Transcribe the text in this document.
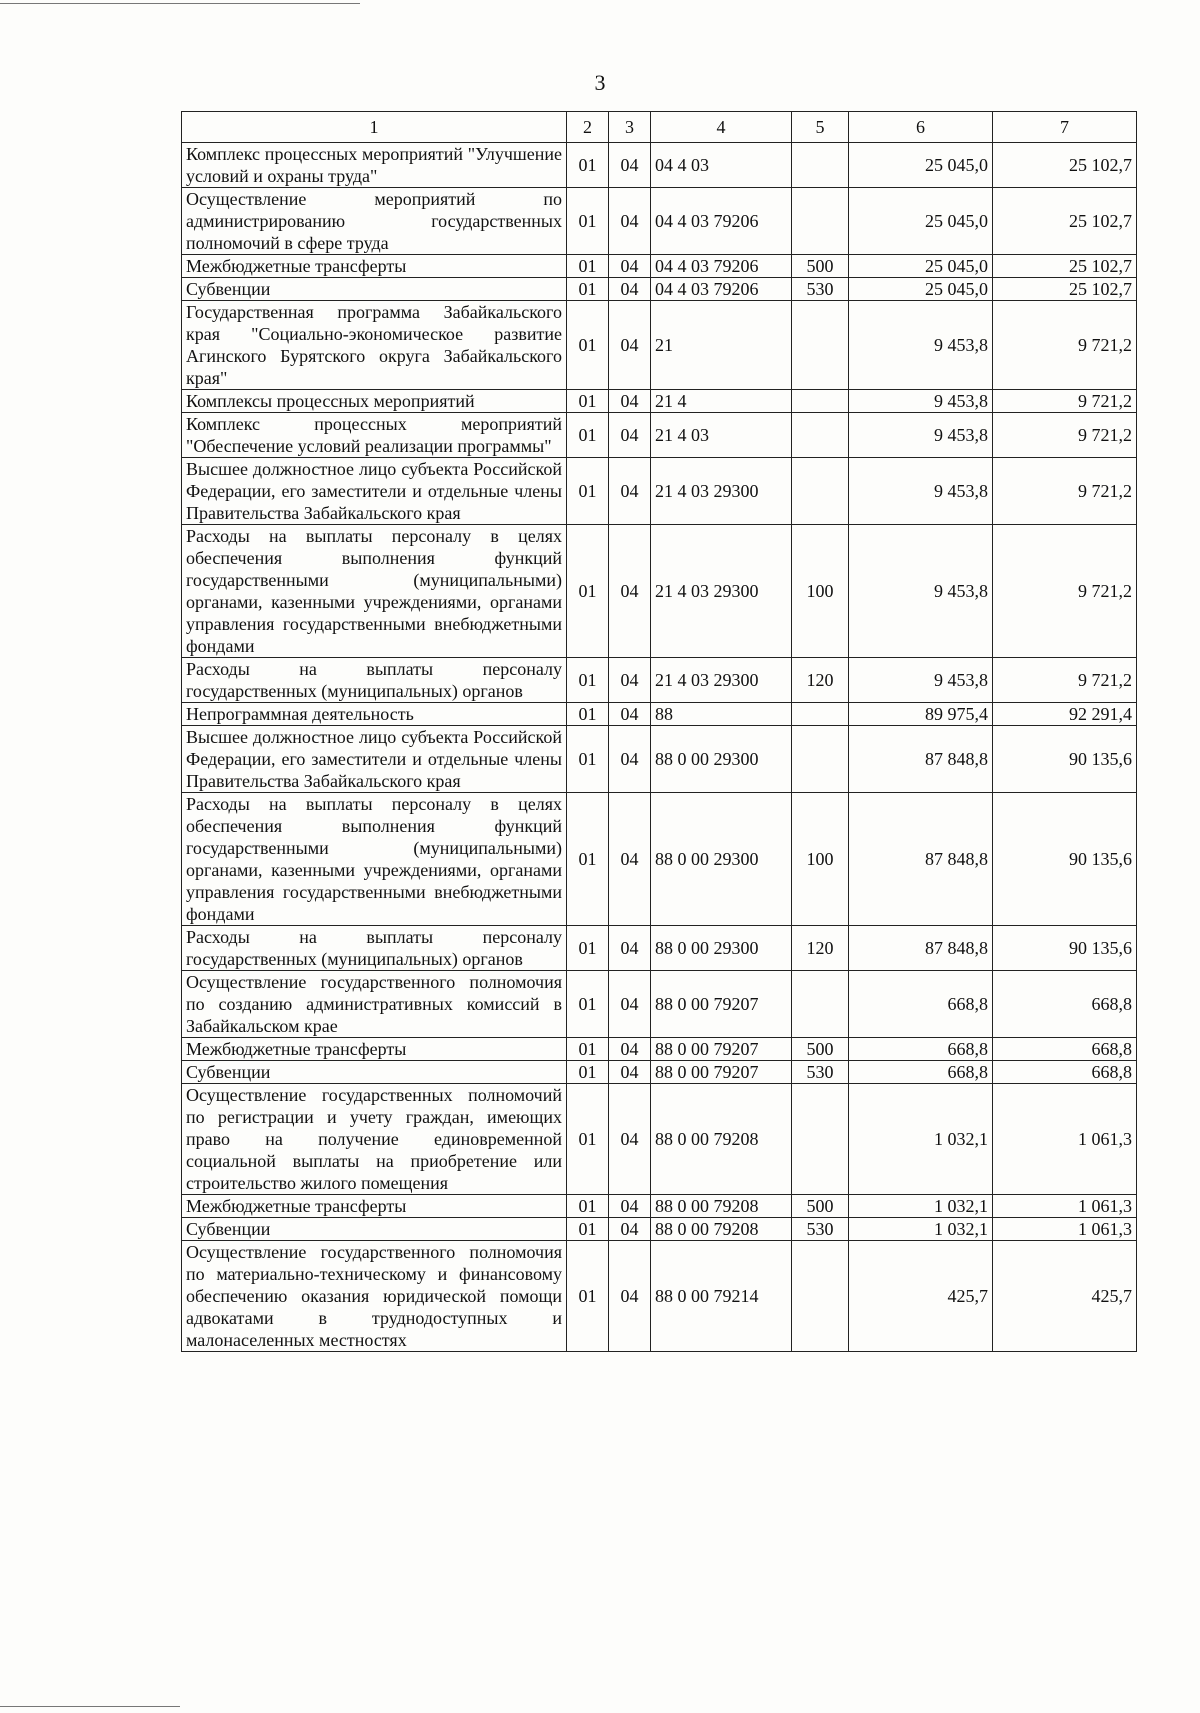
3
1	2	3	4	5	6	7
Комплекс процессных мероприятий "Улучшение условий и охраны труда"	01	04	04 4 03		25 045,0	25 102,7
Осуществление мероприятий по администрированию государственных полномочий в сфере труда	01	04	04 4 03 79206		25 045,0	25 102,7
Межбюджетные трансферты	01	04	04 4 03 79206	500	25 045,0	25 102,7
Субвенции	01	04	04 4 03 79206	530	25 045,0	25 102,7
Государственная программа Забайкальского края "Социально-экономическое развитие Агинского Бурятского округа Забайкальского края"	01	04	21		9 453,8	9 721,2
Комплексы процессных мероприятий	01	04	21 4		9 453,8	9 721,2
Комплекс процессных мероприятий "Обеспечение условий реализации программы"	01	04	21 4 03		9 453,8	9 721,2
Высшее должностное лицо субъекта Российской Федерации, его заместители и отдельные члены Правительства Забайкальского края	01	04	21 4 03 29300		9 453,8	9 721,2
Расходы на выплаты персоналу в целях обеспечения выполнения функций государственными (муниципальными) органами, казенными учреждениями, органами управления государственными внебюджетными фондами	01	04	21 4 03 29300	100	9 453,8	9 721,2
Расходы на выплаты персоналу государственных (муниципальных) органов	01	04	21 4 03 29300	120	9 453,8	9 721,2
Непрограммная деятельность	01	04	88		89 975,4	92 291,4
Высшее должностное лицо субъекта Российской Федерации, его заместители и отдельные члены Правительства Забайкальского края	01	04	88 0 00 29300		87 848,8	90 135,6
Расходы на выплаты персоналу в целях обеспечения выполнения функций государственными (муниципальными) органами, казенными учреждениями, органами управления государственными внебюджетными фондами	01	04	88 0 00 29300	100	87 848,8	90 135,6
Расходы на выплаты персоналу государственных (муниципальных) органов	01	04	88 0 00 29300	120	87 848,8	90 135,6
Осуществление государственного полномочия по созданию административных комиссий в Забайкальском крае	01	04	88 0 00 79207		668,8	668,8
Межбюджетные трансферты	01	04	88 0 00 79207	500	668,8	668,8
Субвенции	01	04	88 0 00 79207	530	668,8	668,8
Осуществление государственных полномочий по регистрации и учету граждан, имеющих право на получение единовременной социальной выплаты на приобретение или строительство жилого помещения	01	04	88 0 00 79208		1 032,1	1 061,3
Межбюджетные трансферты	01	04	88 0 00 79208	500	1 032,1	1 061,3
Субвенции	01	04	88 0 00 79208	530	1 032,1	1 061,3
Осуществление государственного полномочия по материально-техническому и финансовому обеспечению оказания юридической помощи адвокатами в труднодоступных и малонаселенных местностях	01	04	88 0 00 79214		425,7	425,7
